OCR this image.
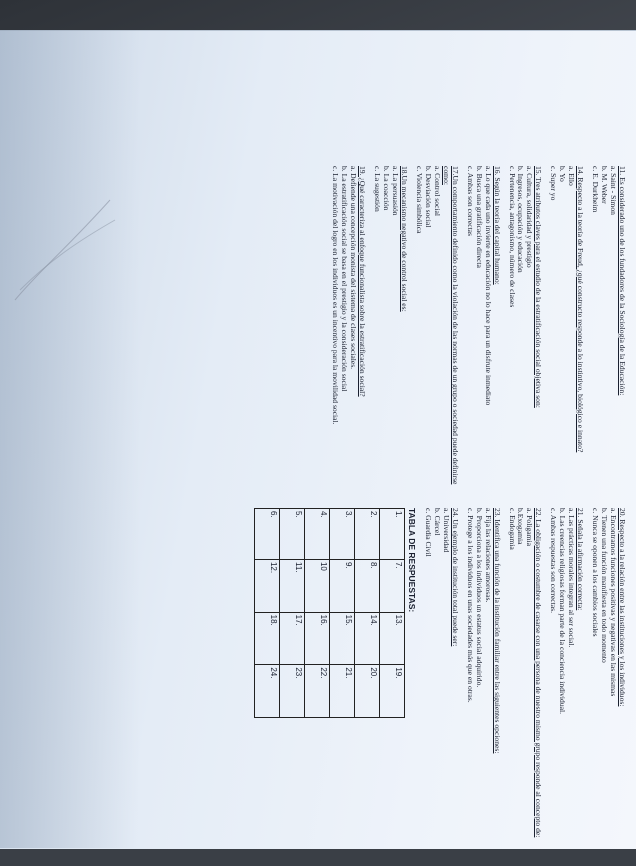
11. Es considerado uno de los fundadores de la Sociología de la Educación:

a. Saint - Simon

b. M. Weber

c. E. Durkheim

14. Respecto a la teoría de Freud, ¿qué constructo responde a lo instintivo, biológico e innato?

a. Ello

b. Yo

c. Super yo

15. Tres atributos claves para el estudio de la estratificación social objetiva son:

a. Cultura, solidaridad y prestigio

b. Ingresos, ocupación y educación

c. Pertenencia, antagonismo, número de clases

16. Según la teoría del capital humano:

a. Lo que cada uno invierte en educación no lo hace para un disfrute inmediato

b. Busca una gratificación directa

c. Ambas son correctas

17.Un comportamiento definido como la violación de las normas de un grupo o sociedad puede definirse como:

a. Control social

b. Desviación social

c. Violencia simbólica

18.Un mecanismo negativo de control social es:

a. La persuasión

b. La coacción

c. La sugestión

19. ¿Qué caracteriza al enfoque funcionalista sobre la estratificación social?

a. Defiende una concepción monista del sistema de clases sociales.

b. La estratificación social se basa en el prestigio y la consideración social

c. La motivación del logro en los individuos es un incentivo para la movilidad social.

20. Respecto a la relación entre las instituciones y los individuos:

a. Encontramos funciones positivas y negativas en las mismas

b. Tienen una función manifiesta en todo momento

c. Nunca se oponen a los cambios sociales

21. Señala la afirmación correcta:

a. Las prácticas morales integran al ser social.

b. Las creencias religiosas forman parte de la conciencia individual.

c. Ambas respuestas son correctas.

22. La obligación o costumbre de casarse con una persona de nuestro mismo grupo responde al concepto de:

a. Poligamia

b.Exogamia

c. Endogamia

23. Identifica una función de la institución familiar entre las siguientes opciones:

a. Fija las relaciones amorosas.

b. Proporciona a los individuos un estatus social adquirido.

c. Protege a los individuos en unas sociedades más que en otras.

24. Un ejemplo de institución total puede ser:

a. Universidad

b. Cárcel

c. Guardia Civil

TABLA DE RESPUESTAS:
1.	7.	13.	19.
2.	8.	14.	20.
3.	9.	15.	21.
4.	10	16.	22.
5.	11.	17.	23.
6.	12.	18.	24.
